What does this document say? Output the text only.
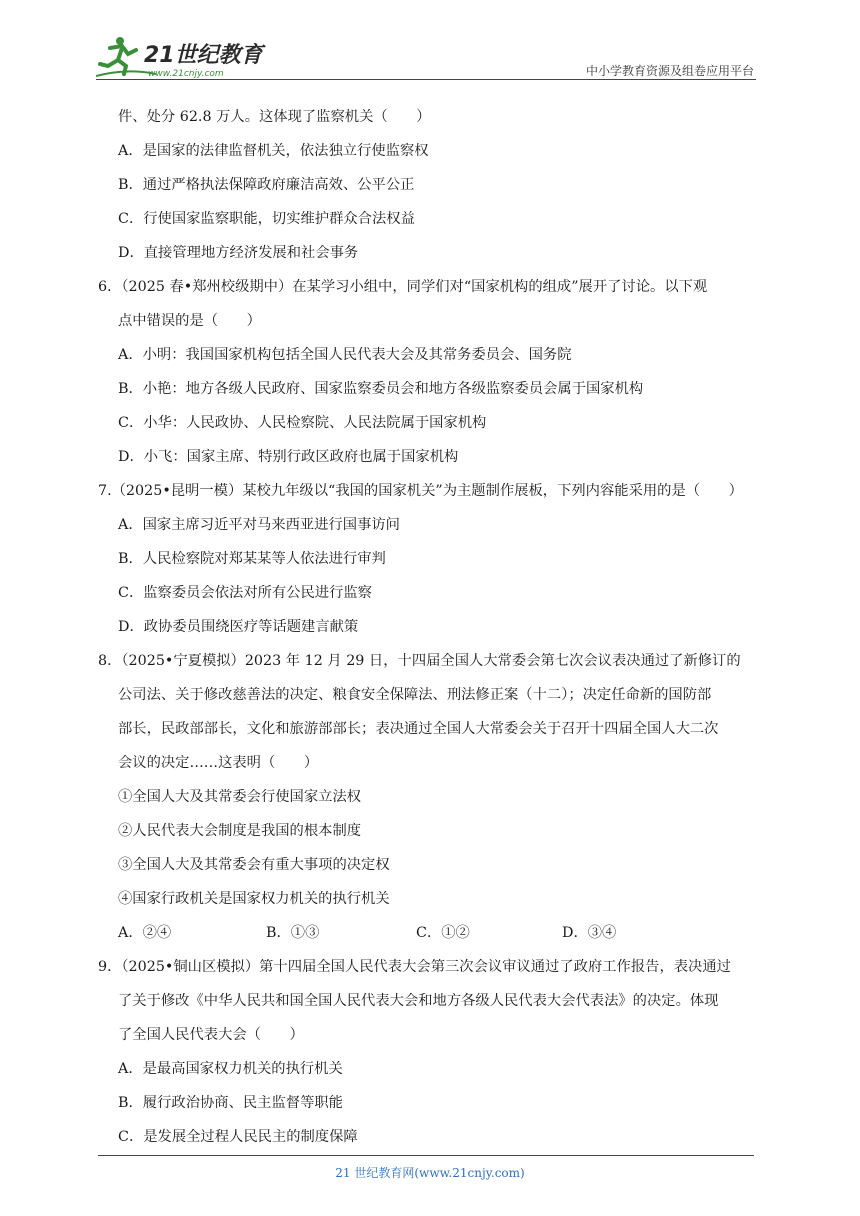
21世纪教育
www.21cnjy.com	中小学教育资源及组卷应用平台
件、处分 62.8 万人。这体现了监察机关（　　）
A．是国家的法律监督机关，依法独立行使监察权
B．通过严格执法保障政府廉洁高效、公平公正
C．行使国家监察职能，切实维护群众合法权益
D．直接管理地方经济发展和社会事务
6．（2025 春•郑州校级期中）在某学习小组中，同学们对“国家机构的组成”展开了讨论。以下观
点中错误的是（　　）
A．小明：我国国家机构包括全国人民代表大会及其常务委员会、国务院
B．小艳：地方各级人民政府、国家监察委员会和地方各级监察委员会属于国家机构
C．小华：人民政协、人民检察院、人民法院属于国家机构
D．小飞：国家主席、特别行政区政府也属于国家机构
7.（2025•昆明一模）某校九年级以“我国的国家机关”为主题制作展板，下列内容能采用的是（　　）
A．国家主席习近平对马来西亚进行国事访问
B．人民检察院对郑某某等人依法进行审判
C．监察委员会依法对所有公民进行监察
D．政协委员围绕医疗等话题建言献策
8．（2025•宁夏模拟）2023 年 12 月 29 日，十四届全国人大常委会第七次会议表决通过了新修订的
公司法、关于修改慈善法的决定、粮食安全保障法、刑法修正案（十二）；决定任命新的国防部
部长，民政部部长，文化和旅游部部长；表决通过全国人大常委会关于召开十四届全国人大二次
会议的决定……这表明（　　）
①全国人大及其常委会行使国家立法权
②人民代表大会制度是我国的根本制度
③全国人大及其常委会有重大事项的决定权
④国家行政机关是国家权力机关的执行机关
A．②④	B．①③	C．①②	D．③④
9．（2025•铜山区模拟）第十四届全国人民代表大会第三次会议审议通过了政府工作报告，表决通过
了关于修改《中华人民共和国全国人民代表大会和地方各级人民代表大会代表法》的决定。体现
了全国人民代表大会（　　）
A．是最高国家权力机关的执行机关
B．履行政治协商、民主监督等职能
C．是发展全过程人民民主的制度保障
21 世纪教育网(www.21cnjy.com)
